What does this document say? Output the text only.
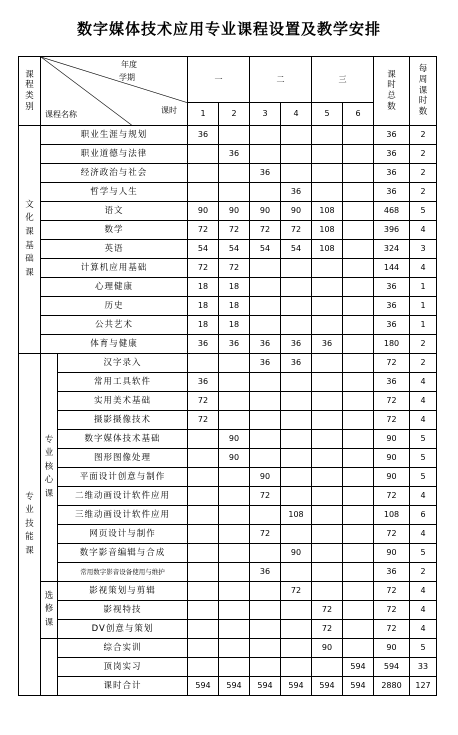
数字媒体技术应用专业课程设置及教学安排
课程类别	年度
学期
课程名称 课时		一		二		三		课时总数	每周课时数

			1	2	3	4	5	6		

文化课基础课	职业生涯与规划		36						36	2
	职业道德与法律			36					36	2
	经济政治与社会				36				36	2
	哲学与人生					36			36	2
	语文		90	90	90	90	108		468	5
	数学		72	72	72	72	108		396	4
	英语		54	54	54	54	108		324	3
	计算机应用基础		72	72					144	4
	心理健康		18	18					36	1
	历史		18	18					36	1
	公共艺术		18	18					36	1
	体育与健康		36	36	36	36	36		180	2

专业技能课	专业核心课	汉字录入			36	36			72	2
		常用工具软件	36						36	4
		实用美术基础	72						72	4
		摄影摄像技术	72						72	4
		数字媒体技术基础		90					90	5
		图形图像处理		90					90	5
		平面设计创意与制作			90				90	5
		二维动画设计软件应用			72				72	4
		三维动画设计软件应用				108			108	6
		网页设计与制作			72				72	4
		数字影音编辑与合成				90			90	5
		常用数字影音设备使用与维护			36				36	2

	选修课	影视策划与剪辑				72			72	4
		影视特技					72		72	4
		DV创意与策划					72		72	4
		综合实训					90		90	5
		顶岗实习						594	594	33
		课时合计	594	594	594	594	594	594	2880	127
